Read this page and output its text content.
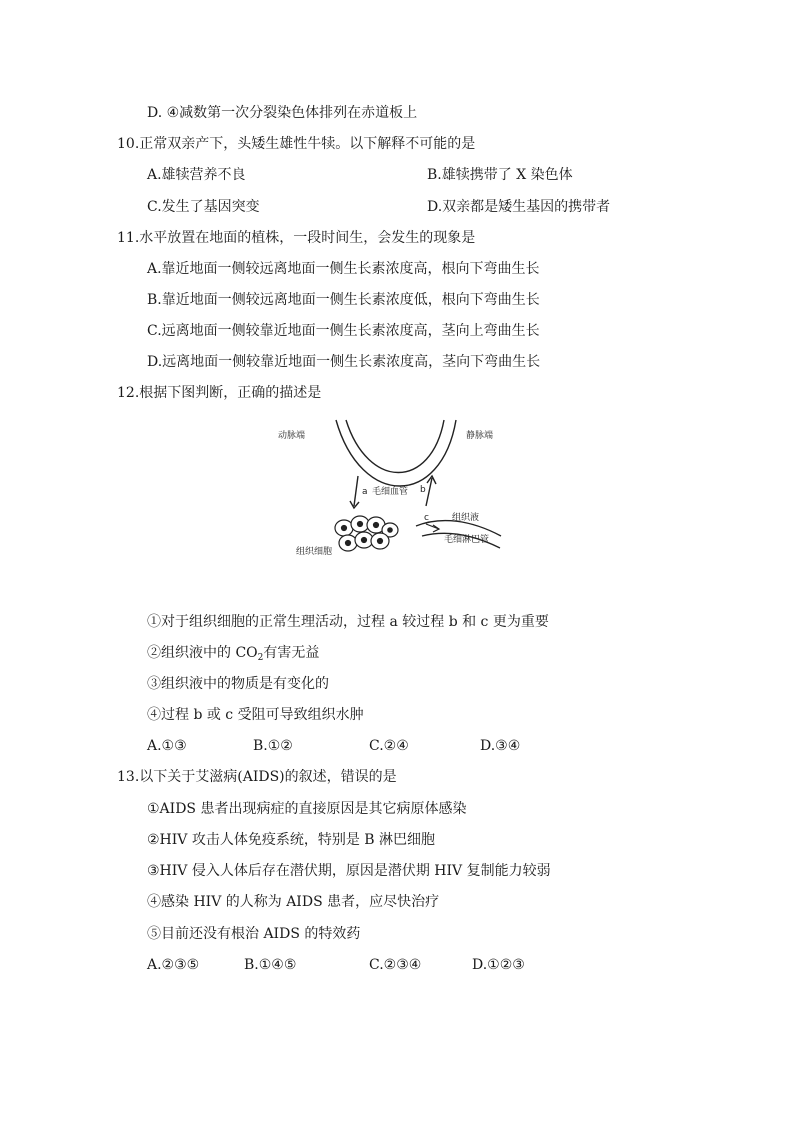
D. ④减数第一次分裂染色体排列在赤道板上
10.正常双亲产下，头矮生雄性牛犊。以下解释不可能的是
A.雄犊营养不良	B.雄犊携带了 X 染色体
C.发生了基因突变	D.双亲都是矮生基因的携带者
11.水平放置在地面的植株，一段时间生，会发生的现象是
A.靠近地面一侧较远离地面一侧生长素浓度高，根向下弯曲生长
B.靠近地面一侧较远离地面一侧生长素浓度低，根向下弯曲生长
C.远离地面一侧较靠近地面一侧生长素浓度高，茎向上弯曲生长
D.远离地面一侧较靠近地面一侧生长素浓度高，茎向下弯曲生长
12.根据下图判断，正确的描述是
动脉端	静脉端
毛细血管
组织液
毛细淋巴管
组织细胞
a	b
c
①对于组织细胞的正常生理活动，过程 a 较过程 b 和 c 更为重要
②组织液中的 $CO_2$有害无益
③组织液中的物质是有变化的
④过程 b 或 c 受阻可导致组织水肿
A.①③	B.①②	C.②④	D.③④
13.以下关于艾滋病(AIDS)的叙述，错误的是
①AIDS 患者出现病症的直接原因是其它病原体感染
②HIV 攻击人体免疫系统，特别是 B 淋巴细胞
③HIV 侵入人体后存在潜伏期，原因是潜伏期 HIV 复制能力较弱
④感染 HIV 的人称为 AIDS 患者，应尽快治疗
⑤目前还没有根治 AIDS 的特效药
A.②③⑤	B.①④⑤	C.②③④	D.①②③
